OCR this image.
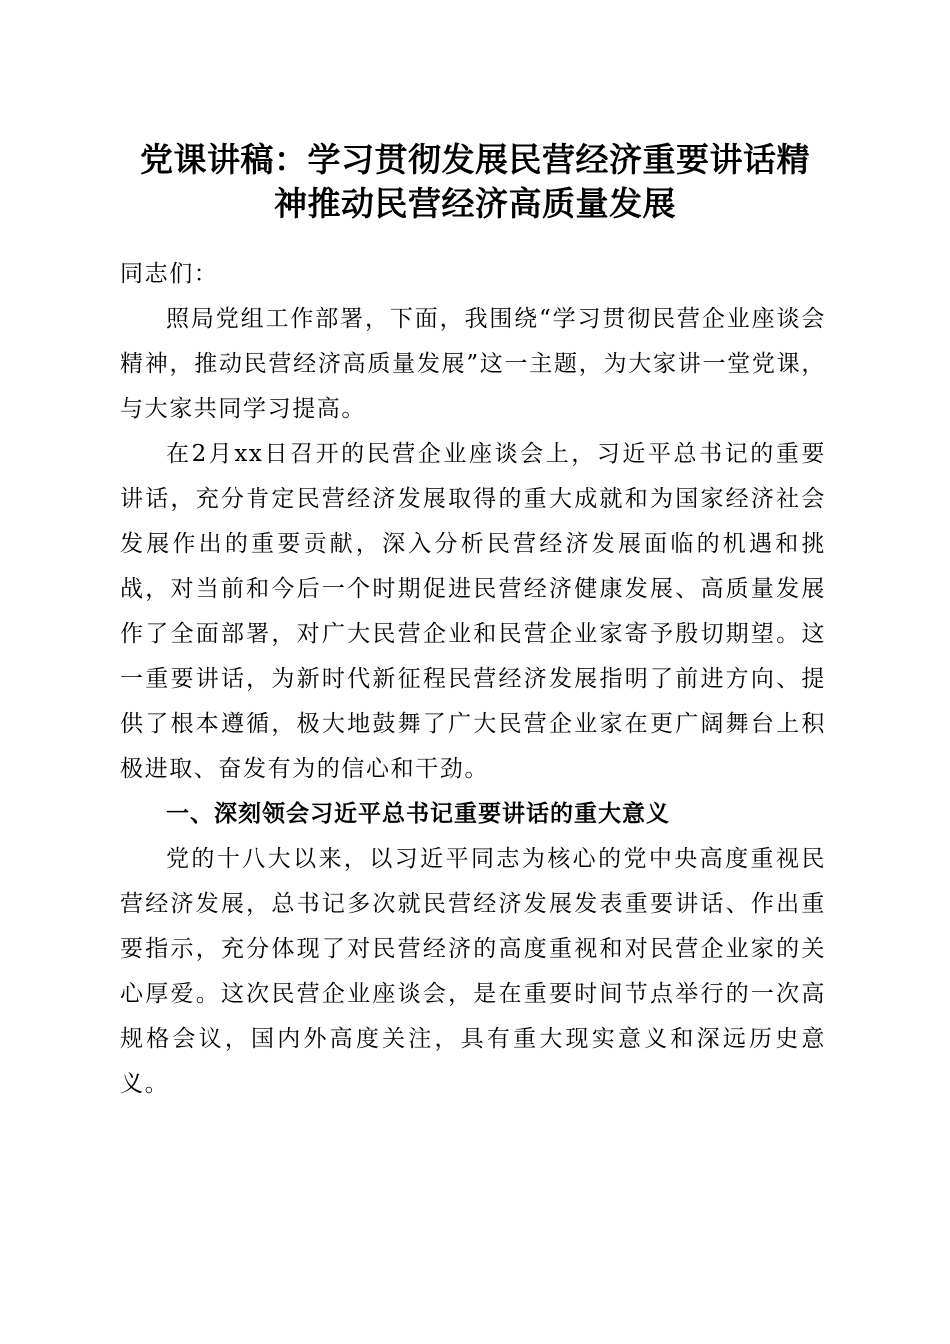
党课讲稿：学习贯彻发展民营经济重要讲话精
神推动民营经济高质量发展

同志们：

照局党组工作部署，下面，我围绕“学习贯彻民营企业座谈会精神，推动民营经济高质量发展”这一主题，为大家讲一堂党课，与大家共同学习提高。

在2月xx日召开的民营企业座谈会上，习近平总书记的重要讲话，充分肯定民营经济发展取得的重大成就和为国家经济社会发展作出的重要贡献，深入分析民营经济发展面临的机遇和挑战，对当前和今后一个时期促进民营经济健康发展、高质量发展作了全面部署，对广大民营企业和民营企业家寄予殷切期望。这一重要讲话，为新时代新征程民营经济发展指明了前进方向、提供了根本遵循，极大地鼓舞了广大民营企业家在更广阔舞台上积极进取、奋发有为的信心和干劲。

一、深刻领会习近平总书记重要讲话的重大意义

党的十八大以来，以习近平同志为核心的党中央高度重视民营经济发展，总书记多次就民营经济发展发表重要讲话、作出重要指示，充分体现了对民营经济的高度重视和对民营企业家的关心厚爱。这次民营企业座谈会，是在重要时间节点举行的一次高规格会议，国内外高度关注，具有重大现实意义和深远历史意义。
